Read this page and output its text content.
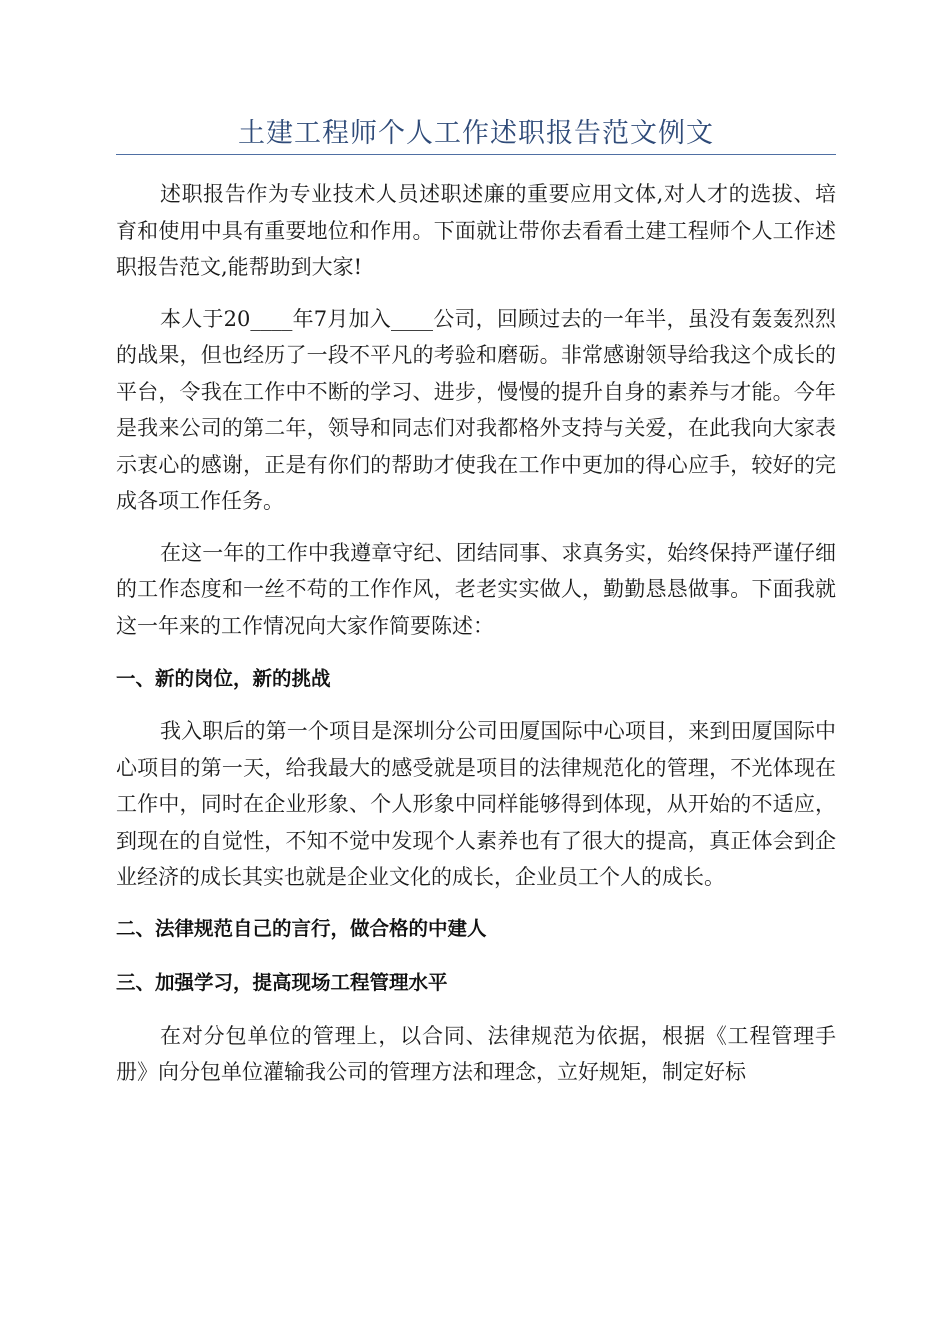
土建工程师个人工作述职报告范文例文

述职报告作为专业技术人员述职述廉的重要应用文体,对人才的选拔、培育和使用中具有重要地位和作用。下面就让带你去看看土建工程师个人工作述职报告范文,能帮助到大家!

本人于20____年7月加入____公司，回顾过去的一年半，虽没有轰轰烈烈的战果，但也经历了一段不平凡的考验和磨砺。非常感谢领导给我这个成长的平台，令我在工作中不断的学习、进步，慢慢的提升自身的素养与才能。今年是我来公司的第二年，领导和同志们对我都格外支持与关爱，在此我向大家表示衷心的感谢，正是有你们的帮助才使我在工作中更加的得心应手，较好的完成各项工作任务。

在这一年的工作中我遵章守纪、团结同事、求真务实，始终保持严谨仔细的工作态度和一丝不苟的工作作风，老老实实做人，勤勤恳恳做事。下面我就这一年来的工作情况向大家作简要陈述：

一、新的岗位，新的挑战

我入职后的第一个项目是深圳分公司田厦国际中心项目，来到田厦国际中心项目的第一天，给我最大的感受就是项目的法律规范化的管理，不光体现在工作中，同时在企业形象、个人形象中同样能够得到体现，从开始的不适应，到现在的自觉性，不知不觉中发现个人素养也有了很大的提高，真正体会到企业经济的成长其实也就是企业文化的成长，企业员工个人的成长。

二、法律规范自己的言行，做合格的中建人

三、加强学习，提高现场工程管理水平

在对分包单位的管理上，以合同、法律规范为依据，根据《工程管理手册》向分包单位灌输我公司的管理方法和理念，立好规矩，制定好标
